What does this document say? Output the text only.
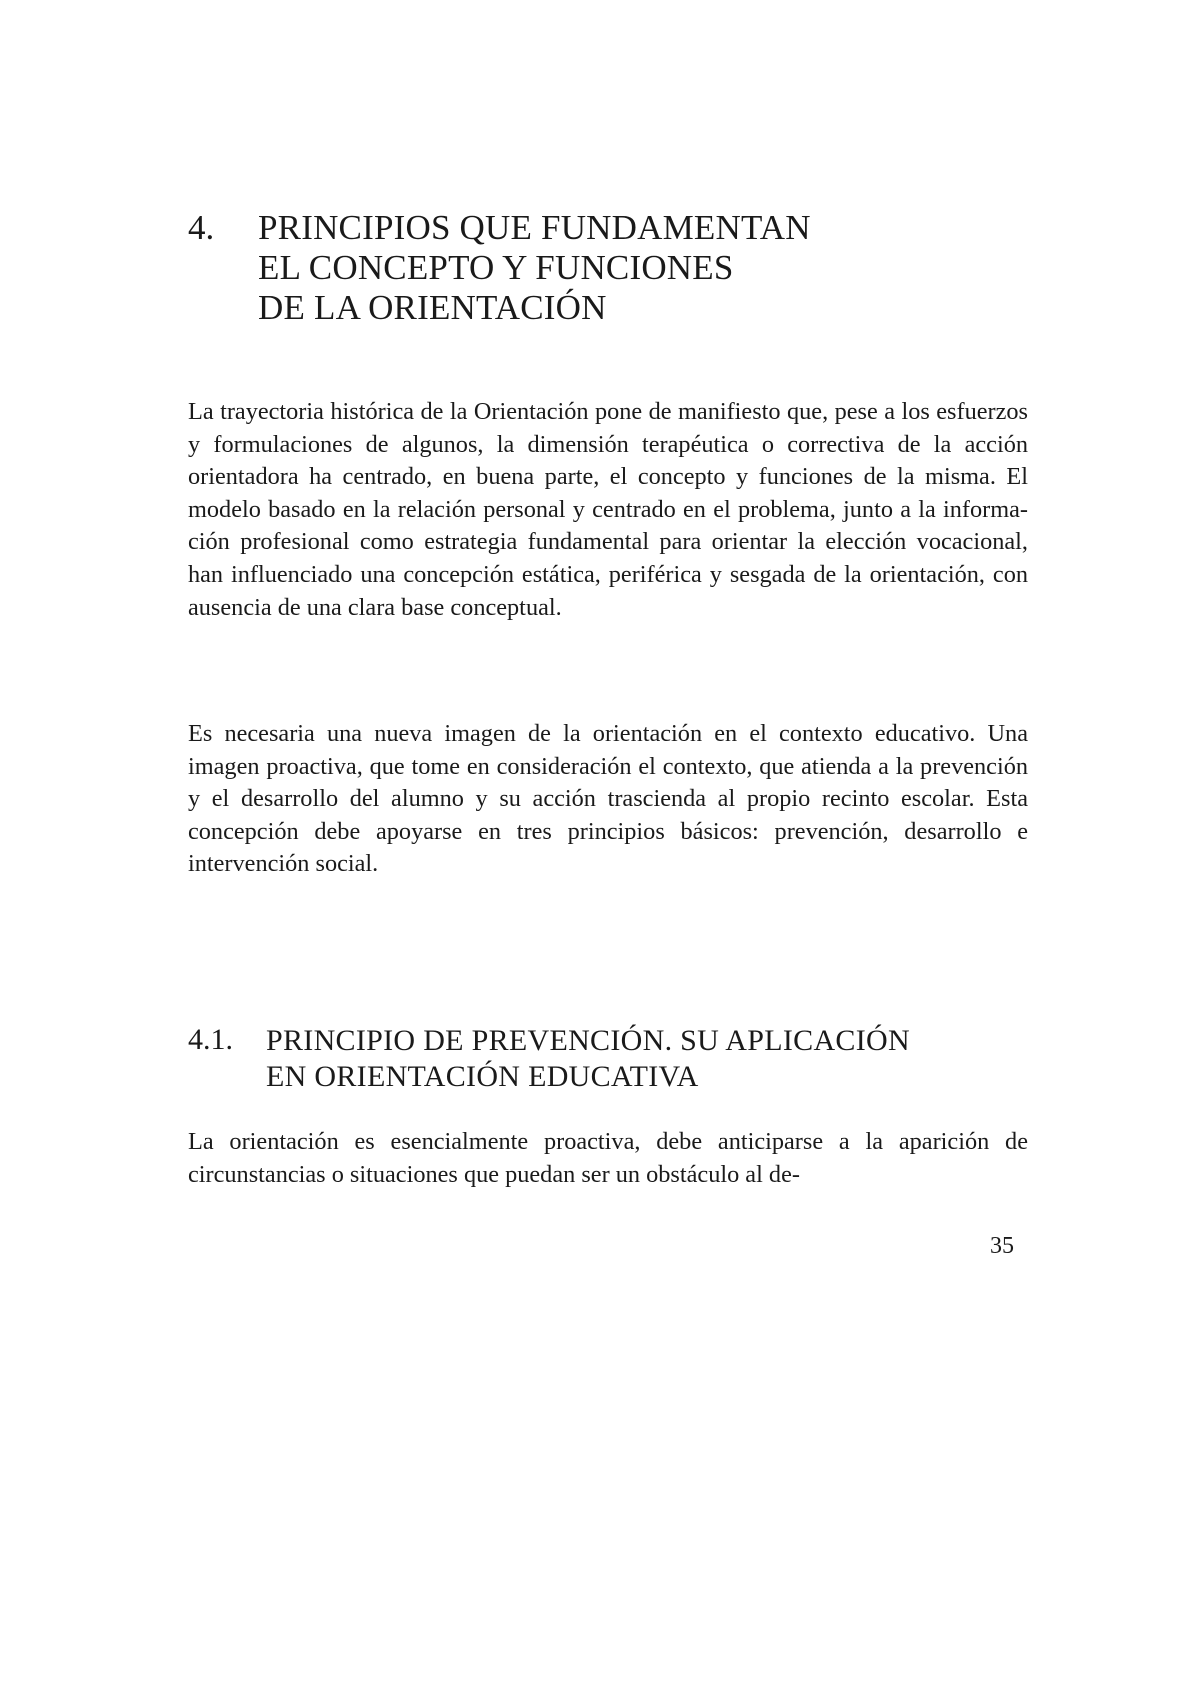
4. PRINCIPIOS QUE FUNDAMENTAN
EL CONCEPTO Y FUNCIONES
DE LA ORIENTACIÓN

La trayectoria histórica de la Orientación pone de manifiesto que, pese a los esfuerzos y formulaciones de algunos, la dimensión terapéutica o correctiva de la acción orientadora ha centrado, en buena parte, el concepto y funciones de la misma. El modelo basado en la relación personal y centrado en el problema, junto a la información profesional como estrategia fundamental para orientar la elección vocacional, han influenciado una concepción estática, periférica y sesgada de la orientación, con ausencia de una clara base conceptual.

Es necesaria una nueva imagen de la orientación en el contexto educativo. Una imagen proactiva, que tome en consideración el contexto, que atienda a la prevención y el desarrollo del alumno y su acción trascienda al propio recinto escolar. Esta concepción debe apoyarse en tres principios básicos: prevención, desarrollo e intervención social.

4.1. PRINCIPIO DE PREVENCIÓN. SU APLICACIÓN
EN ORIENTACIÓN EDUCATIVA

La orientación es esencialmente proactiva, debe anticiparse a la aparición de circunstancias o situaciones que puedan ser un obstáculo al de-

35
